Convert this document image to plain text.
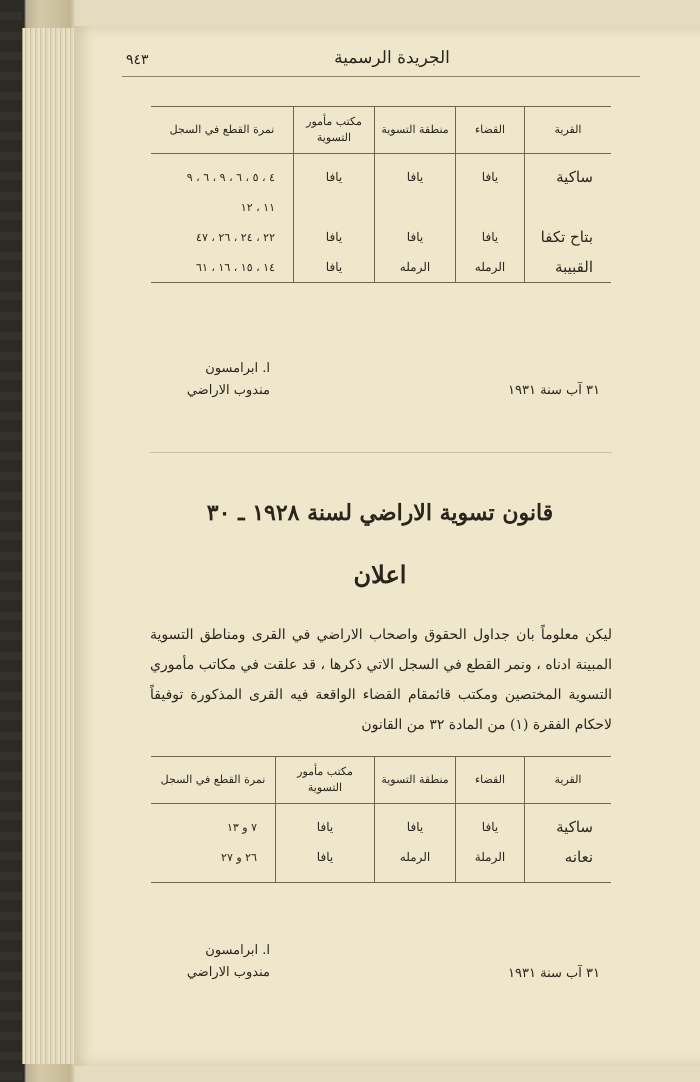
٩٤٣	الجريدة الرسمية
القرية	القضاء	منطقة التسوية	مكتب مأمور التسوية	نمرة القطع في السجل

ساكية	يافا	يافا	يافا	٤ ، ٥ ، ٦ ، ٩ ، ٦ ، ٩
				١١ ، ١٢
بتاح تكفا	يافا	يافا	يافا	٢٢ ، ٢٤ ، ٢٦ ، ٤٧
القبيبة	الرمله	الرمله	يافا	١٤ ، ١٥ ، ١٦ ، ٦١

ا. ابرامسون
مندوب الاراضي	٣١ آب سنة ١٩٣١
قانون تسوية الاراضي لسنة ١٩٢٨ ـ ٣٠
اعلان
ليكن معلوماً بان جداول الحقوق واصحاب الاراضي في القرى ومناطق التسوية المبينة ادناه ، ونمر القطع في السجل الاتي ذكرها ، قد علقت في مكاتب مأموري التسوية المختصين ومكتب قائمقام القضاء الواقعة فيه القرى المذكورة توفيقاً لاحكام الفقرة (١) من المادة ٣٢ من القانون
القرية	القضاء	منطقة التسوية	مكتب مأمور التسوية	نمرة القطع في السجل

ساكية	يافا	يافا	يافا	٧ و ١٣
نعانه	الرملة	الرمله	يافا	٢٦ و ٢٧

ا. ابرامسون
مندوب الاراضي	٣١ آب سنة ١٩٣١
